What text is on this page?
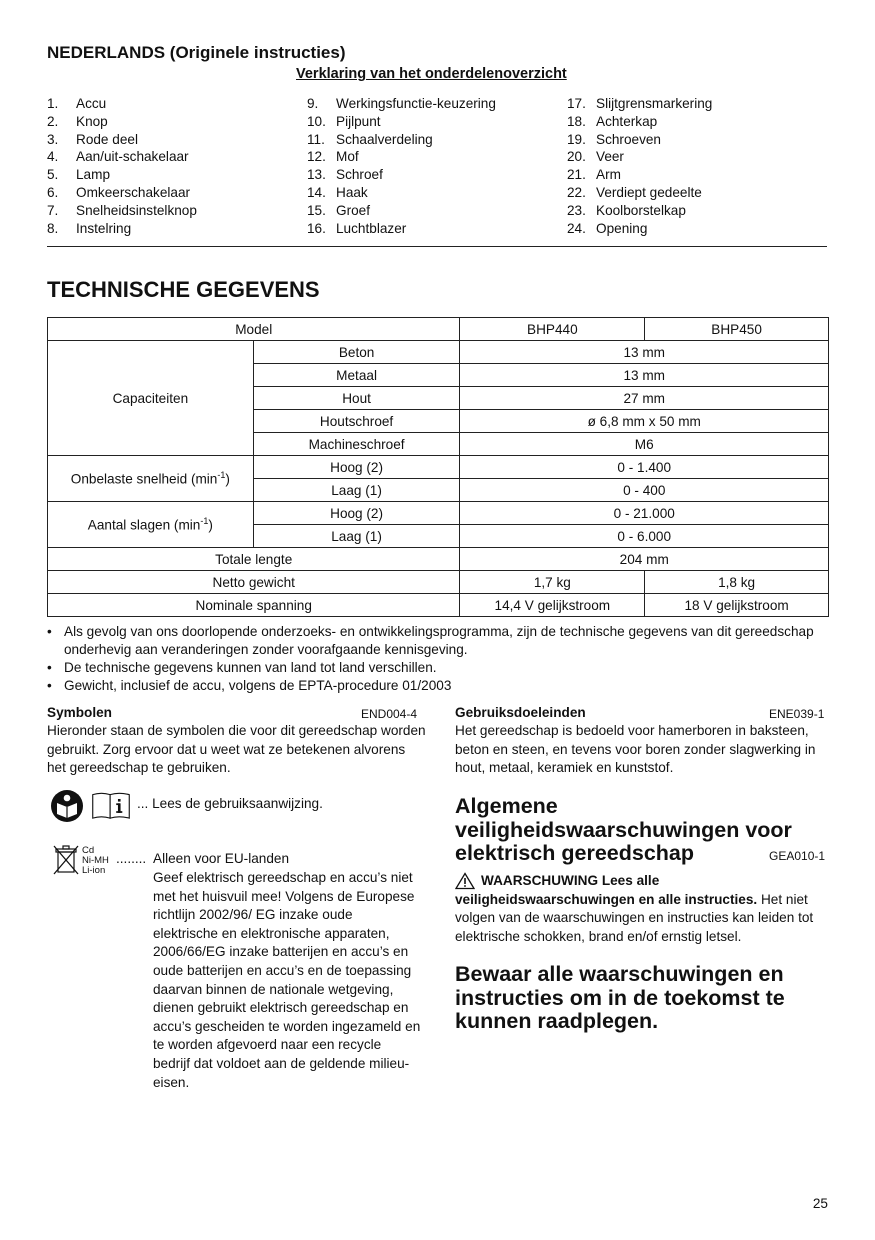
NEDERLANDS (Originele instructies)
Verklaring van het onderdelenoverzicht
1.	Accu
2.	Knop
3.	Rode deel
4.	Aan/uit-schakelaar
5.	Lamp
6.	Omkeerschakelaar
7.	Snelheidsinstelknop
8.	Instelring
9.	Werkingsfunctie-keuzering
10. Pijlpunt
11. Schaalverdeling
12. Mof
13. Schroef
14. Haak
15. Groef
16. Luchtblazer
17. Slijtgrensmarkering
18. Achterkap
19. Schroeven
20. Veer
21. Arm
22. Verdiept gedeelte
23. Koolborstelkap
24. Opening
TECHNISCHE GEGEVENS
Model		BHP440	BHP450
Capaciteiten	Beton	13 mm	
	Metaal	13 mm	
	Hout	27 mm	
	Houtschroef	ø 6,8 mm x 50 mm	
	Machineschroef	M6	
Onbelaste snelheid $(\min^{-1})$	Hoog (2)	0 - 1.400	
	Laag (1)	0 - 400	
Aantal slagen $(\min^{-1})$	Hoog (2)	0 - 21.000	
	Laag (1)	0 - 6.000	
Totale lengte		204 mm	
Netto gewicht		1,7 kg	1,8 kg
Nominale spanning		14,4 V gelijkstroom	18 V gelijkstroom
• Als gevolg van ons doorlopende onderzoeks- en ontwikkelingsprogramma, zijn de technische gegevens van dit gereedschap onderhevig aan veranderingen zonder voorafgaande kennisgeving.
• De technische gegevens kunnen van land tot land verschillen.
• Gewicht, inclusief de accu, volgens de EPTA-procedure 01/2003
Symbolen	END004-4
Hieronder staan de symbolen die voor dit gereedschap worden gebruikt. Zorg ervoor dat u weet wat ze betekenen alvorens het gereedschap te gebruiken.
... Lees de gebruiksaanwijzing.
Cd
Ni-MH
Li-ion
........ Alleen voor EU-landen
Geef elektrisch gereedschap en accu’s niet met het huisvuil mee! Volgens de Europese richtlijn 2002/96/ EG inzake oude elektrische en elektronische apparaten, 2006/66/EG inzake batterijen en accu’s en oude batterijen en accu’s en de toepassing daarvan binnen de nationale wetgeving, dienen gebruikt elektrisch gereedschap en accu’s gescheiden te worden ingezameld en te worden afgevoerd naar een recycle bedrijf dat voldoet aan de geldende milieu-eisen.
Gebruiksdoeleinden	ENE039-1
Het gereedschap is bedoeld voor hamerboren in baksteen, beton en steen, en tevens voor boren zonder slagwerking in hout, metaal, keramiek en kunststof.
Algemene
veiligheidswaarschuwingen voor
elektrisch gereedschap	GEA010-1
WAARSCHUWING Lees alle veiligheidswaarschuwingen en alle instructies. Het niet volgen van de waarschuwingen en instructies kan leiden tot elektrische schokken, brand en/of ernstig letsel.
Bewaar alle waarschuwingen en instructies om in de toekomst te kunnen raadplegen.
25
